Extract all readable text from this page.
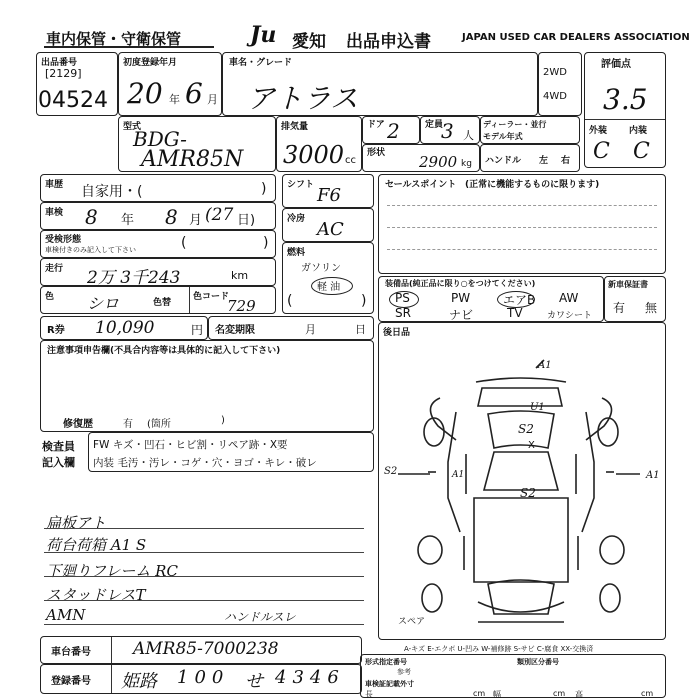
車内保管・守衛保管	Ju 愛知 出品申込書	JAPAN USED CAR DEALERS ASSOCIATION
出品番号
[2129]
04524
初度登録年月
20 年 6 月
車名・グレード
アトラス
2WD
4WD
評価点
3.5
外装 内装
C C
型式
BDG-
AMR85N
排気量
3000 cc
ドア 2	定員
3 人
ディーラー・並行
モデル年式
形状 2900 kg ハンドル 左 右
車歴 自家用・(	)
車検 8 年 8 月 (27 日)
受検形態
車検付きのみ記入して下さい	(	)
走行 2万 3千243	km
色 シロ	色替
色コード
729
R券 10,090	円 名変期限	月	日
シフト F6
冷房 AC
燃料
ガソリン
軽 油
(	)
セールスポイント (正常に機能するものに限ります)
装備品(純正品に限り○をつけてください)
PS	PW	エアB AW
SR	ナビ	TV	カワシート
新車保証書
有 無
注意事項申告欄(不具合内容等は具体的に記入して下さい)
修復歴	有 (箇所	)
検査員
記入欄
FW キズ・凹石・ヒビ割・リペア跡・X要
内装 毛汚・汚レ・コゲ・穴・ヨゴ・キレ・破レ
扁板アト
荷台荷箱 A1 S
下廻りフレーム RC
スタッドレスT
AMN	ハンドルスレ
後日品
A1
U1
S2
X
S2
S2	A1
A1
スペア
A-キズ E-エクボ U-凹み W-補修跡 S-サビ C-腐食 XX-交換済
車台番号 AMR85-7000238
登録番号 姫路 100 せ 4346
形式指定番号	類別区分番号
参考
車検証記載外寸
長	cm 幅	cm 高	cm
